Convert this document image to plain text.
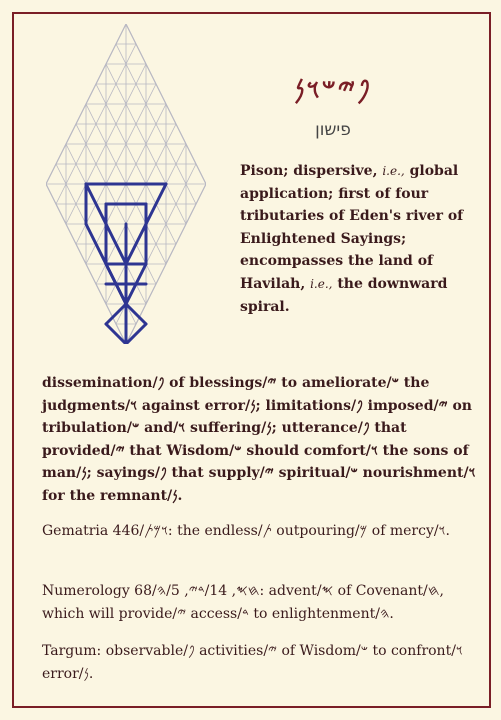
𐤐𐤉𐤔𐤅𐤍
פישון
Pison; dispersive, i.e., global application; first of four tributaries of Eden's river of Enlightened Sayings; encompasses the land of Havilah, i.e., the downward spiral.
dissemination/𐤐 of blessings/𐤉 to ameliorate/𐤔 the judgments/𐤅 against error/𐤍; limitations/𐤐 imposed/𐤉 on tribulation/𐤔 and/𐤅 suffering/𐤍; utterance/𐤐 that provided/𐤉 that Wisdom/𐤔 should comfort/𐤅 the sons of man/𐤍; sayings/𐤐 that supply/𐤉 spiritual/𐤔 nourishment/𐤅 for the remnant/𐤍.
Gematria 446/𐤅𐤌𐤕: the endless/𐤕 outpouring/𐤌 of mercy/𐤅.
Numerology 68/𐤇𐤎, 14/𐤃𐤉, 5/𐤄: advent/𐤎 of Covenant/𐤇, which will provide/𐤉 access/𐤃 to enlightenment/𐤄.
Targum: observable/𐤐 activities/𐤉 of Wisdom/𐤔 to confront/𐤅 error/𐤍.
